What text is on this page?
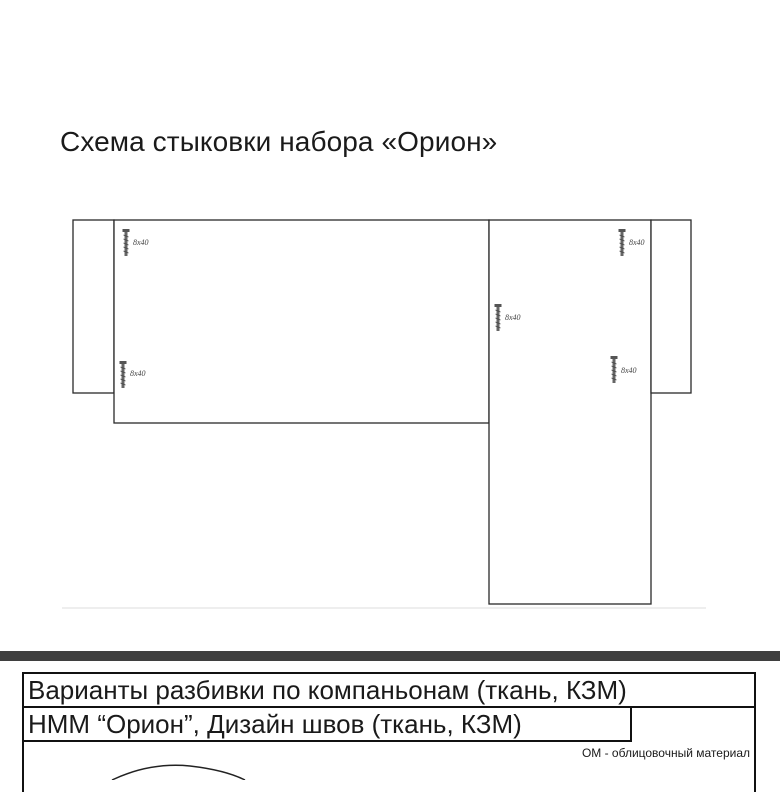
Схема стыковки набора «Орион»
8x40
8x40
8x40
8x40
8x40
Варианты разбивки по компаньонам (ткань, КЗМ)
НММ “Орион”, Дизайн швов (ткань, КЗМ)
ОМ - облицовочный материал
